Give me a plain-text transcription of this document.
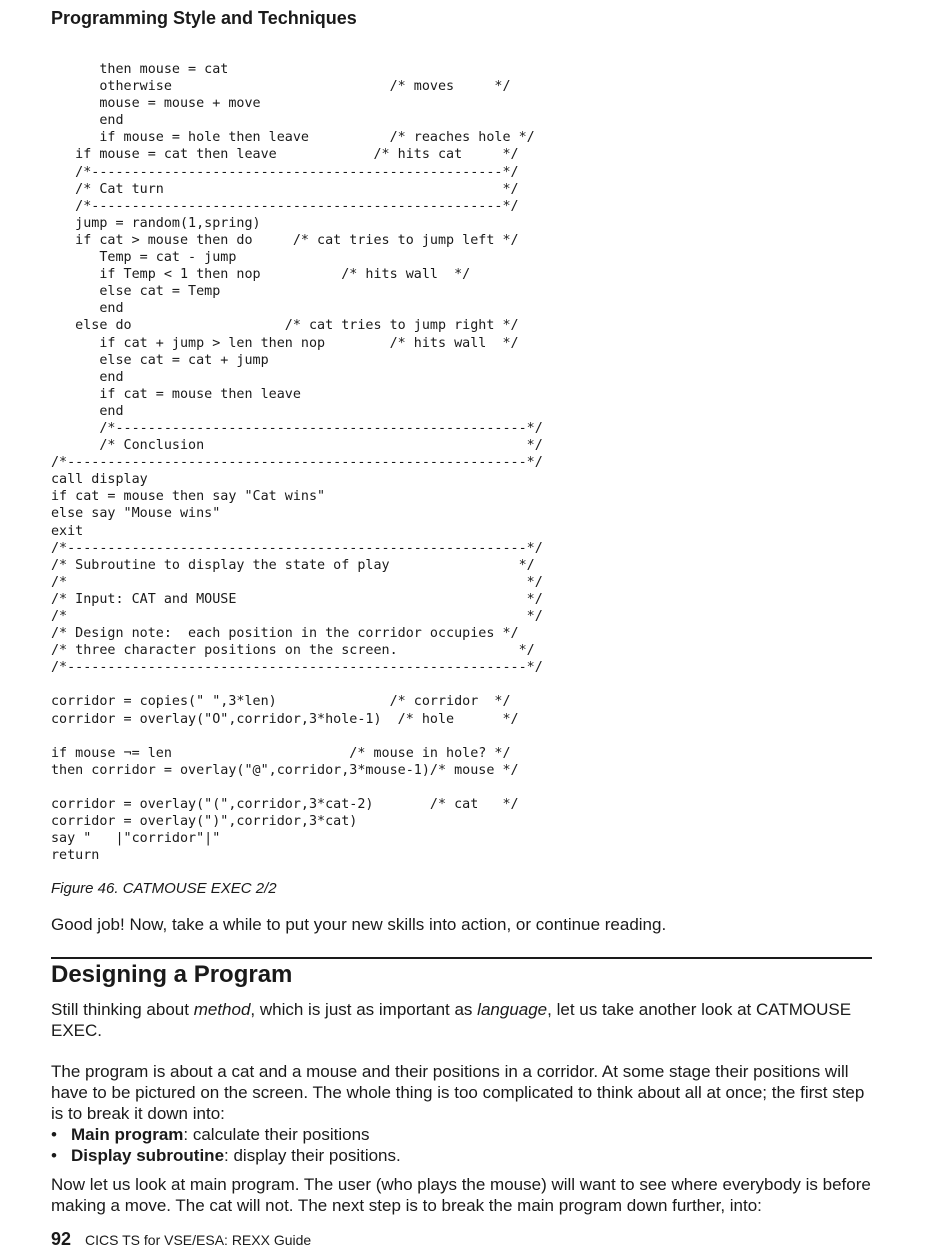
Programming Style and Techniques
then mouse = cat
otherwise                           /* moves     */
mouse = mouse + move
end
if mouse = hole then leave          /* reaches hole */
if mouse = cat then leave            /* hits cat     */
/*---------------------------------------------------*/
/* Cat turn                                          */
/*---------------------------------------------------*/
jump = random(1,spring)
if cat > mouse then do     /* cat tries to jump left */
Temp = cat - jump
if Temp < 1 then nop          /* hits wall  */
else cat = Temp
end
else do                   /* cat tries to jump right */
if cat + jump > len then nop        /* hits wall  */
else cat = cat + jump
end
if cat = mouse then leave
end
/*---------------------------------------------------*/
/* Conclusion                                        */
/*---------------------------------------------------------*/
call display
if cat = mouse then say "Cat wins"
else say "Mouse wins"
exit
/*---------------------------------------------------------*/
/* Subroutine to display the state of play                */
/*                                                         */
/* Input: CAT and MOUSE                                    */
/*                                                         */
/* Design note:  each position in the corridor occupies */
/* three character positions on the screen.               */
/*---------------------------------------------------------*/
corridor = copies(" ",3*len)              /* corridor  */
corridor = overlay("O",corridor,3*hole-1)  /* hole      */
if mouse ¬= len                      /* mouse in hole? */
then corridor = overlay("@",corridor,3*mouse-1)/* mouse */
corridor = overlay("(",corridor,3*cat-2)       /* cat   */
corridor = overlay(")",corridor,3*cat)
say "   |"corridor"|"
return
Figure 46. CATMOUSE EXEC 2/2

Good job! Now, take a while to put your new skills into action, or continue reading.

Designing a Program

Still thinking about method, which is just as important as language, let us take another look at CATMOUSE EXEC.

The program is about a cat and a mouse and their positions in a corridor. At some stage their positions will have to be pictured on the screen. The whole thing is too complicated to think about all at once; the first step is to break it down into:

• Main program: calculate their positions
• Display subroutine: display their positions.

Now let us look at main program. The user (who plays the mouse) will want to see where everybody is before making a move. The cat will not. The next step is to break the main program down further, into:

92 CICS TS for VSE/ESA: REXX Guide
